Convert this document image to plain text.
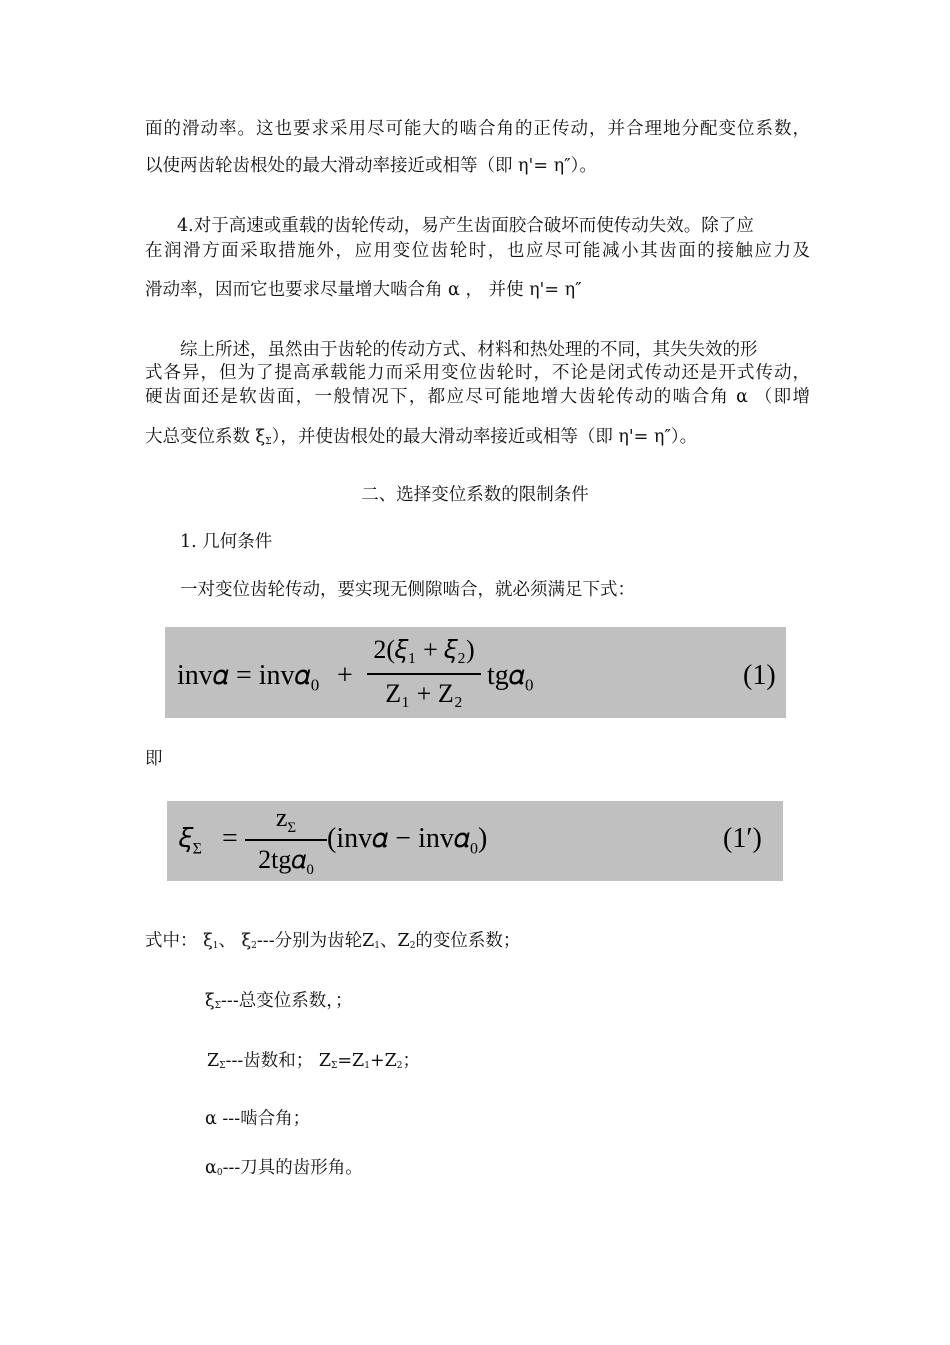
面的滑动率。这也要求采用尽可能大的啮合角的正传动，并合理地分配变位系数，
以使两齿轮齿根处的最大滑动率接近或相等（即 η'= η″）。
4.对于高速或重载的齿轮传动，易产生齿面胶合破坏而使传动失效。除了应
在润滑方面采取措施外，应用变位齿轮时，也应尽可能减小其齿面的接触应力及
滑动率，因而它也要求尽量增大啮合角 α ， 并使 η'= η″
综上所述，虽然由于齿轮的传动方式、材料和热处理的不同，其失失效的形
式各异，但为了提高承载能力而采用变位齿轮时，不论是闭式传动还是开式传动，
硬齿面还是软齿面，一般情况下，都应尽可能地增大齿轮传动的啮合角 α （即增
大总变位系数 $\xi_\Sigma$），并使齿根处的最大滑动率接近或相等（即 η'= η″）。
二、选择变位系数的限制条件
1. 几何条件
一对变位齿轮传动，要实现无侧隙啮合，就必须满足下式：
inv𝛼 = inv𝛼$_0$ +
2(𝜉₁ + 𝜉₂)
Z₁ + Z₂
tg𝛼$_0$	(1)
即
𝜉$_\Sigma$ =
$z_\Sigma$
2tg𝛼$_0$
(inv𝛼 − inv𝛼$_0$)	(1′)
式中： $\xi_1$、 $\xi_2---$分别为齿轮$Z_1$、$Z_2$的变位系数；
$\xi_\Sigma---$总变位系数，；
$Z_\Sigma---$齿数和； $Z_\Sigma=Z_1+Z_2$；
α ---啮合角；
$\alpha_0---$刀具的齿形角。
